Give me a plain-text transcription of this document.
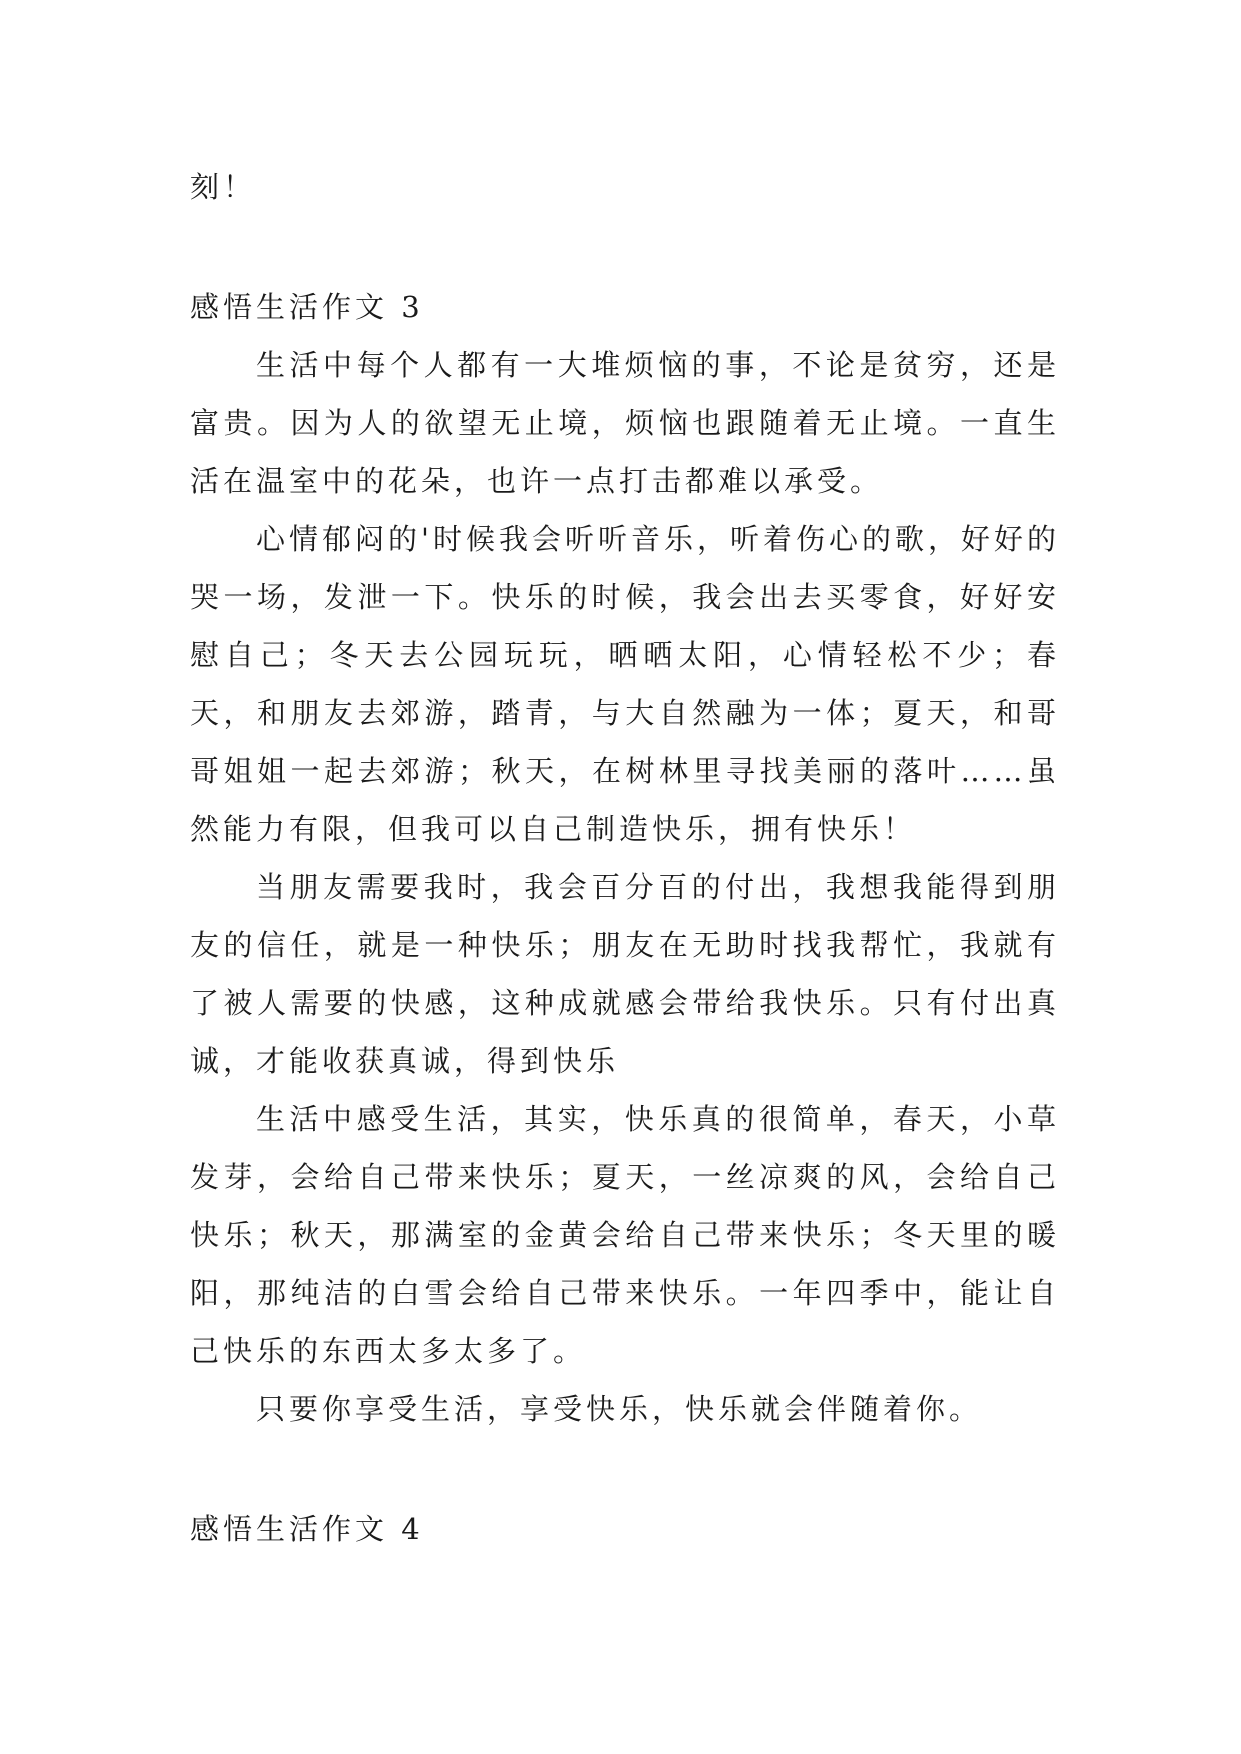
刻！

感悟生活作文 3

生活中每个人都有一大堆烦恼的事，不论是贫穷，还是富贵。因为人的欲望无止境，烦恼也跟随着无止境。一直生活在温室中的花朵，也许一点打击都难以承受。

心情郁闷的'时候我会听听音乐，听着伤心的歌，好好的哭一场，发泄一下。快乐的时候，我会出去买零食，好好安慰自己；冬天去公园玩玩，晒晒太阳，心情轻松不少；春天，和朋友去郊游，踏青，与大自然融为一体；夏天，和哥哥姐姐一起去郊游；秋天，在树林里寻找美丽的落叶……虽然能力有限，但我可以自己制造快乐，拥有快乐！

当朋友需要我时，我会百分百的付出，我想我能得到朋友的信任，就是一种快乐；朋友在无助时找我帮忙，我就有了被人需要的快感，这种成就感会带给我快乐。只有付出真诚，才能收获真诚，得到快乐

生活中感受生活，其实，快乐真的很简单，春天，小草发芽，会给自己带来快乐；夏天，一丝凉爽的风，会给自己快乐；秋天，那满室的金黄会给自己带来快乐；冬天里的暖阳，那纯洁的白雪会给自己带来快乐。一年四季中，能让自己快乐的东西太多太多了。

只要你享受生活，享受快乐，快乐就会伴随着你。

感悟生活作文 4
